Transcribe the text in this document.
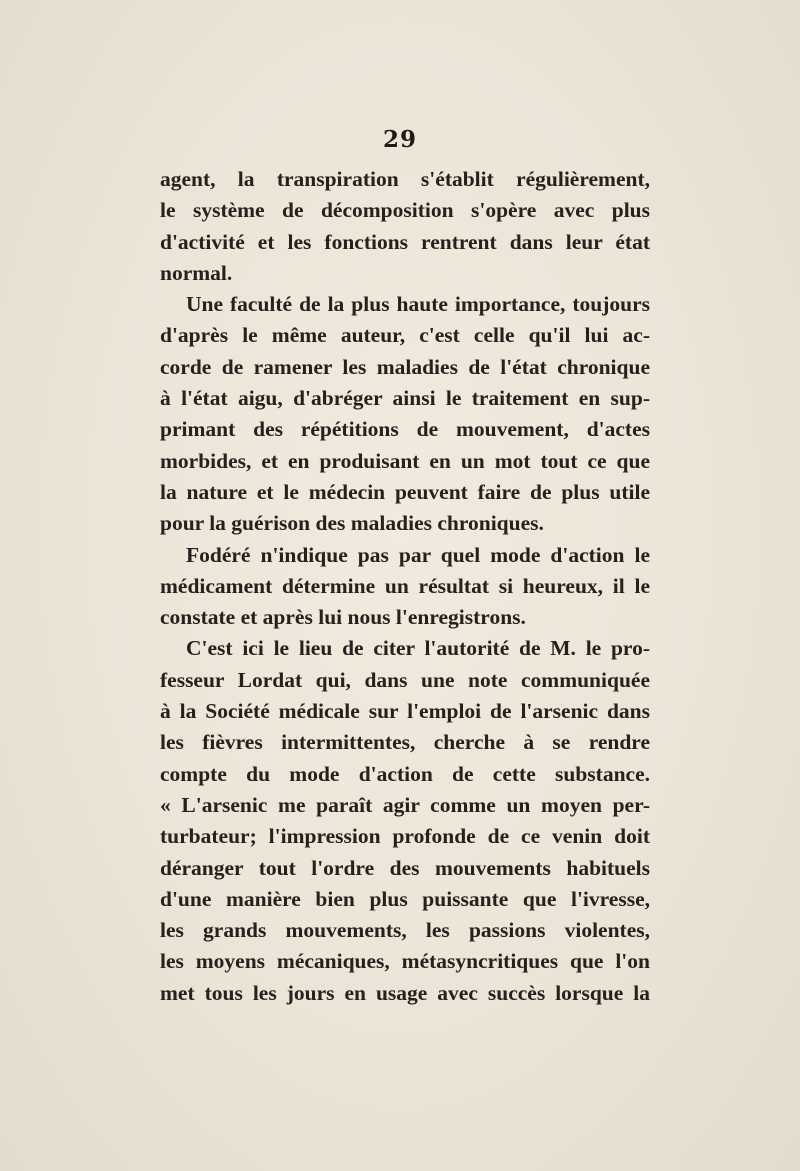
29
agent, la transpiration s'établit régulièrement,
le système de décomposition s'opère avec plus
d'activité et les fonctions rentrent dans leur état
normal.
Une faculté de la plus haute importance, toujours
d'après le même auteur, c'est celle qu'il lui ac-
corde de ramener les maladies de l'état chronique
à l'état aigu, d'abréger ainsi le traitement en sup-
primant des répétitions de mouvement, d'actes
morbides, et en produisant en un mot tout ce que
la nature et le médecin peuvent faire de plus utile
pour la guérison des maladies chroniques.
Fodéré n'indique pas par quel mode d'action le
médicament détermine un résultat si heureux, il le
constate et après lui nous l'enregistrons.
C'est ici le lieu de citer l'autorité de M. le pro-
fesseur Lordat qui, dans une note communiquée
à la Société médicale sur l'emploi de l'arsenic dans
les fièvres intermittentes, cherche à se rendre
compte du mode d'action de cette substance.
« L'arsenic me paraît agir comme un moyen per-
turbateur; l'impression profonde de ce venin doit
déranger tout l'ordre des mouvements habituels
d'une manière bien plus puissante que l'ivresse,
les grands mouvements, les passions violentes,
les moyens mécaniques, métasyncritiques que l'on
met tous les jours en usage avec succès lorsque la
